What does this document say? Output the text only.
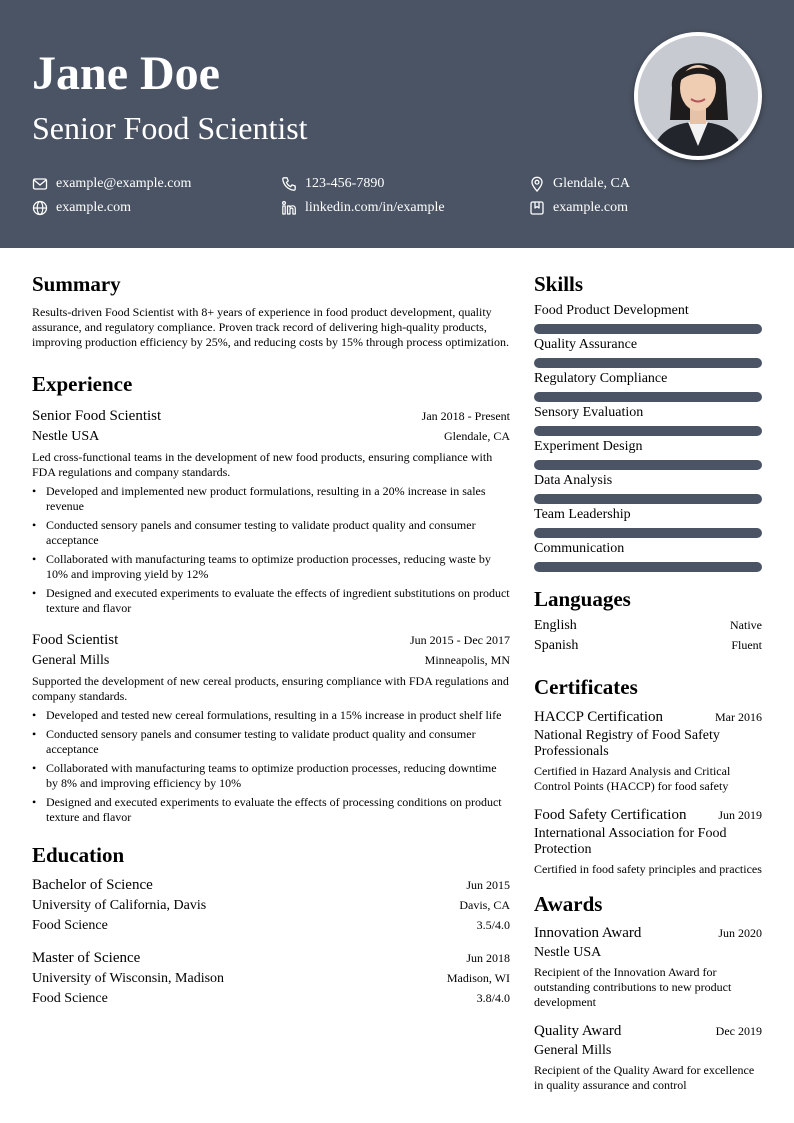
Jane Doe
Senior Food Scientist
example@example.com	123-456-7890	Glendale, CA
example.com	linkedin.com/in/example	example.com
Summary
Results-driven Food Scientist with 8+ years of experience in food product development, quality assurance, and regulatory compliance. Proven track record of delivering high-quality products, improving production efficiency by 25%, and reducing costs by 15% through process optimization.
Experience
Senior Food Scientist	Jan 2018 - Present
Nestle USA	Glendale, CA
Led cross-functional teams in the development of new food products, ensuring compliance with FDA regulations and company standards.
• Developed and implemented new product formulations, resulting in a 20% increase in sales revenue
• Conducted sensory panels and consumer testing to validate product quality and consumer acceptance
• Collaborated with manufacturing teams to optimize production processes, reducing waste by 10% and improving yield by 12%
• Designed and executed experiments to evaluate the effects of ingredient substitutions on product texture and flavor
Food Scientist	Jun 2015 - Dec 2017
General Mills	Minneapolis, MN
Supported the development of new cereal products, ensuring compliance with FDA regulations and company standards.
• Developed and tested new cereal formulations, resulting in a 15% increase in product shelf life
• Conducted sensory panels and consumer testing to validate product quality and consumer acceptance
• Collaborated with manufacturing teams to optimize production processes, reducing downtime by 8% and improving efficiency by 10%
• Designed and executed experiments to evaluate the effects of processing conditions on product texture and flavor
Education
Bachelor of Science	Jun 2015
University of California, Davis	Davis, CA
Food Science	3.5/4.0
Master of Science	Jun 2018
University of Wisconsin, Madison	Madison, WI
Food Science	3.8/4.0
Skills
Food Product Development
Quality Assurance
Regulatory Compliance
Sensory Evaluation
Experiment Design
Data Analysis
Team Leadership
Communication
Languages
English	Native
Spanish	Fluent
Certificates
HACCP Certification	Mar 2016
National Registry of Food Safety Professionals
Certified in Hazard Analysis and Critical Control Points (HACCP) for food safety
Food Safety Certification	Jun 2019
International Association for Food Protection
Certified in food safety principles and practices
Awards
Innovation Award	Jun 2020
Nestle USA
Recipient of the Innovation Award for outstanding contributions to new product development
Quality Award	Dec 2019
General Mills
Recipient of the Quality Award for excellence in quality assurance and control
